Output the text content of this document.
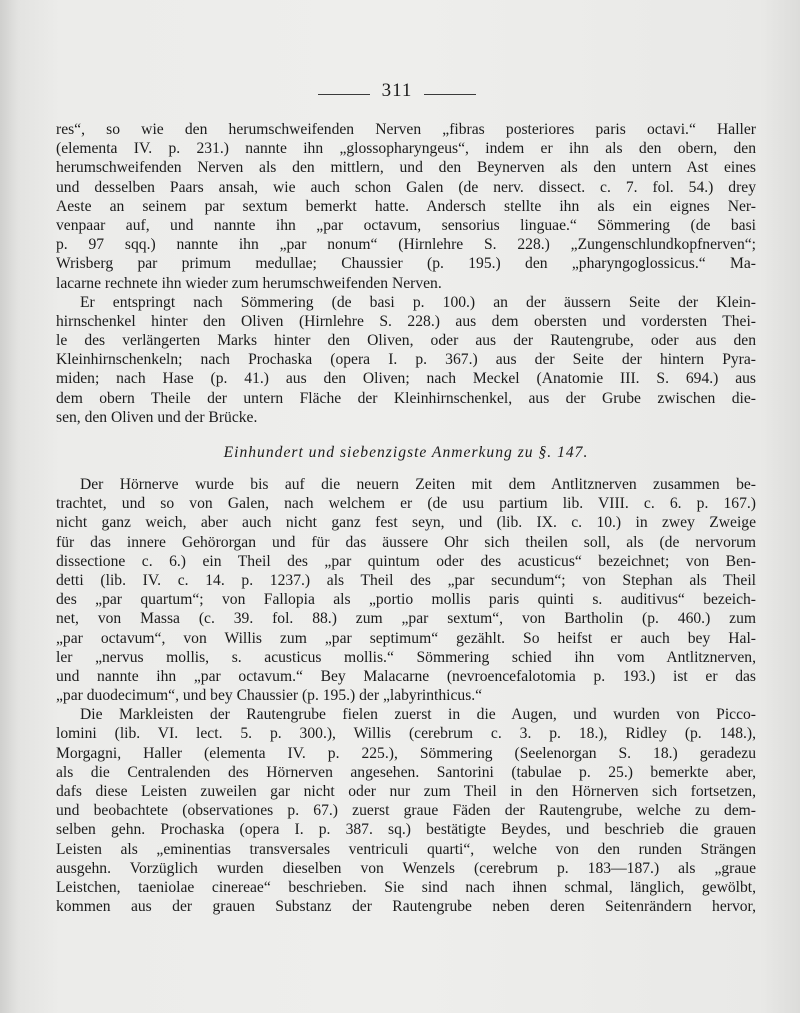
311
res“, so wie den herumschweifenden Nerven „fibras posteriores paris octavi.“ Haller
(elementa IV. p. 231.) nannte ihn „glossopharyngeus“, indem er ihn als den obern, den
herumschweifenden Nerven als den mittlern, und den Beynerven als den untern Ast eines
und desselben Paars ansah, wie auch schon Galen (de nerv. dissect. c. 7. fol. 54.) drey
Aeste an seinem par sextum bemerkt hatte. Andersch stellte ihn als ein eignes Ner-
venpaar auf, und nannte ihn „par octavum, sensorius linguae.“ Sömmering (de basi
p. 97 sqq.) nannte ihn „par nonum“ (Hirnlehre S. 228.) „Zungenschlundkopfnerven“;
Wrisberg par primum medullae; Chaussier (p. 195.) den „pharyngoglossicus.“ Ma-
lacarne rechnete ihn wieder zum herumschweifenden Nerven.
Er entspringt nach Sömmering (de basi p. 100.) an der äussern Seite der Klein-
hirnschenkel hinter den Oliven (Hirnlehre S. 228.) aus dem obersten und vordersten Thei-
le des verlängerten Marks hinter den Oliven, oder aus der Rautengrube, oder aus den
Kleinhirnschenkeln; nach Prochaska (opera I. p. 367.) aus der Seite der hintern Pyra-
miden; nach Hase (p. 41.) aus den Oliven; nach Meckel (Anatomie III. S. 694.) aus
dem obern Theile der untern Fläche der Kleinhirnschenkel, aus der Grube zwischen die-
sen, den Oliven und der Brücke.
Einhundert und siebenzigste Anmerkung zu §. 147.
Der Hörnerve wurde bis auf die neuern Zeiten mit dem Antlitznerven zusammen be-
trachtet, und so von Galen, nach welchem er (de usu partium lib. VIII. c. 6. p. 167.)
nicht ganz weich, aber auch nicht ganz fest seyn, und (lib. IX. c. 10.) in zwey Zweige
für das innere Gehörorgan und für das äussere Ohr sich theilen soll, als (de nervorum
dissectione c. 6.) ein Theil des „par quintum oder des acusticus“ bezeichnet; von Ben-
detti (lib. IV. c. 14. p. 1237.) als Theil des „par secundum“; von Stephan als Theil
des „par quartum“; von Fallopia als „portio mollis paris quinti s. auditivus“ bezeich-
net, von Massa (c. 39. fol. 88.) zum „par sextum“, von Bartholin (p. 460.) zum
„par octavum“, von Willis zum „par septimum“ gezählt. So heifst er auch bey Hal-
ler „nervus mollis, s. acusticus mollis.“ Sömmering schied ihn vom Antlitznerven,
und nannte ihn „par octavum.“ Bey Malacarne (nevroencefalotomia p. 193.) ist er das
„par duodecimum“, und bey Chaussier (p. 195.) der „labyrinthicus.“
Die Markleisten der Rautengrube fielen zuerst in die Augen, und wurden von Picco-
lomini (lib. VI. lect. 5. p. 300.), Willis (cerebrum c. 3. p. 18.), Ridley (p. 148.),
Morgagni, Haller (elementa IV. p. 225.), Sömmering (Seelenorgan S. 18.) geradezu
als die Centralenden des Hörnerven angesehen. Santorini (tabulae p. 25.) bemerkte aber,
dafs diese Leisten zuweilen gar nicht oder nur zum Theil in den Hörnerven sich fortsetzen,
und beobachtete (observationes p. 67.) zuerst graue Fäden der Rautengrube, welche zu dem-
selben gehn. Prochaska (opera I. p. 387. sq.) bestätigte Beydes, und beschrieb die grauen
Leisten als „eminentias transversales ventriculi quarti“, welche von den runden Strängen
ausgehn. Vorzüglich wurden dieselben von Wenzels (cerebrum p. 183—187.) als „graue
Leistchen, taeniolae cinereae“ beschrieben. Sie sind nach ihnen schmal, länglich, gewölbt,
kommen aus der grauen Substanz der Rautengrube neben deren Seitenrändern hervor,
